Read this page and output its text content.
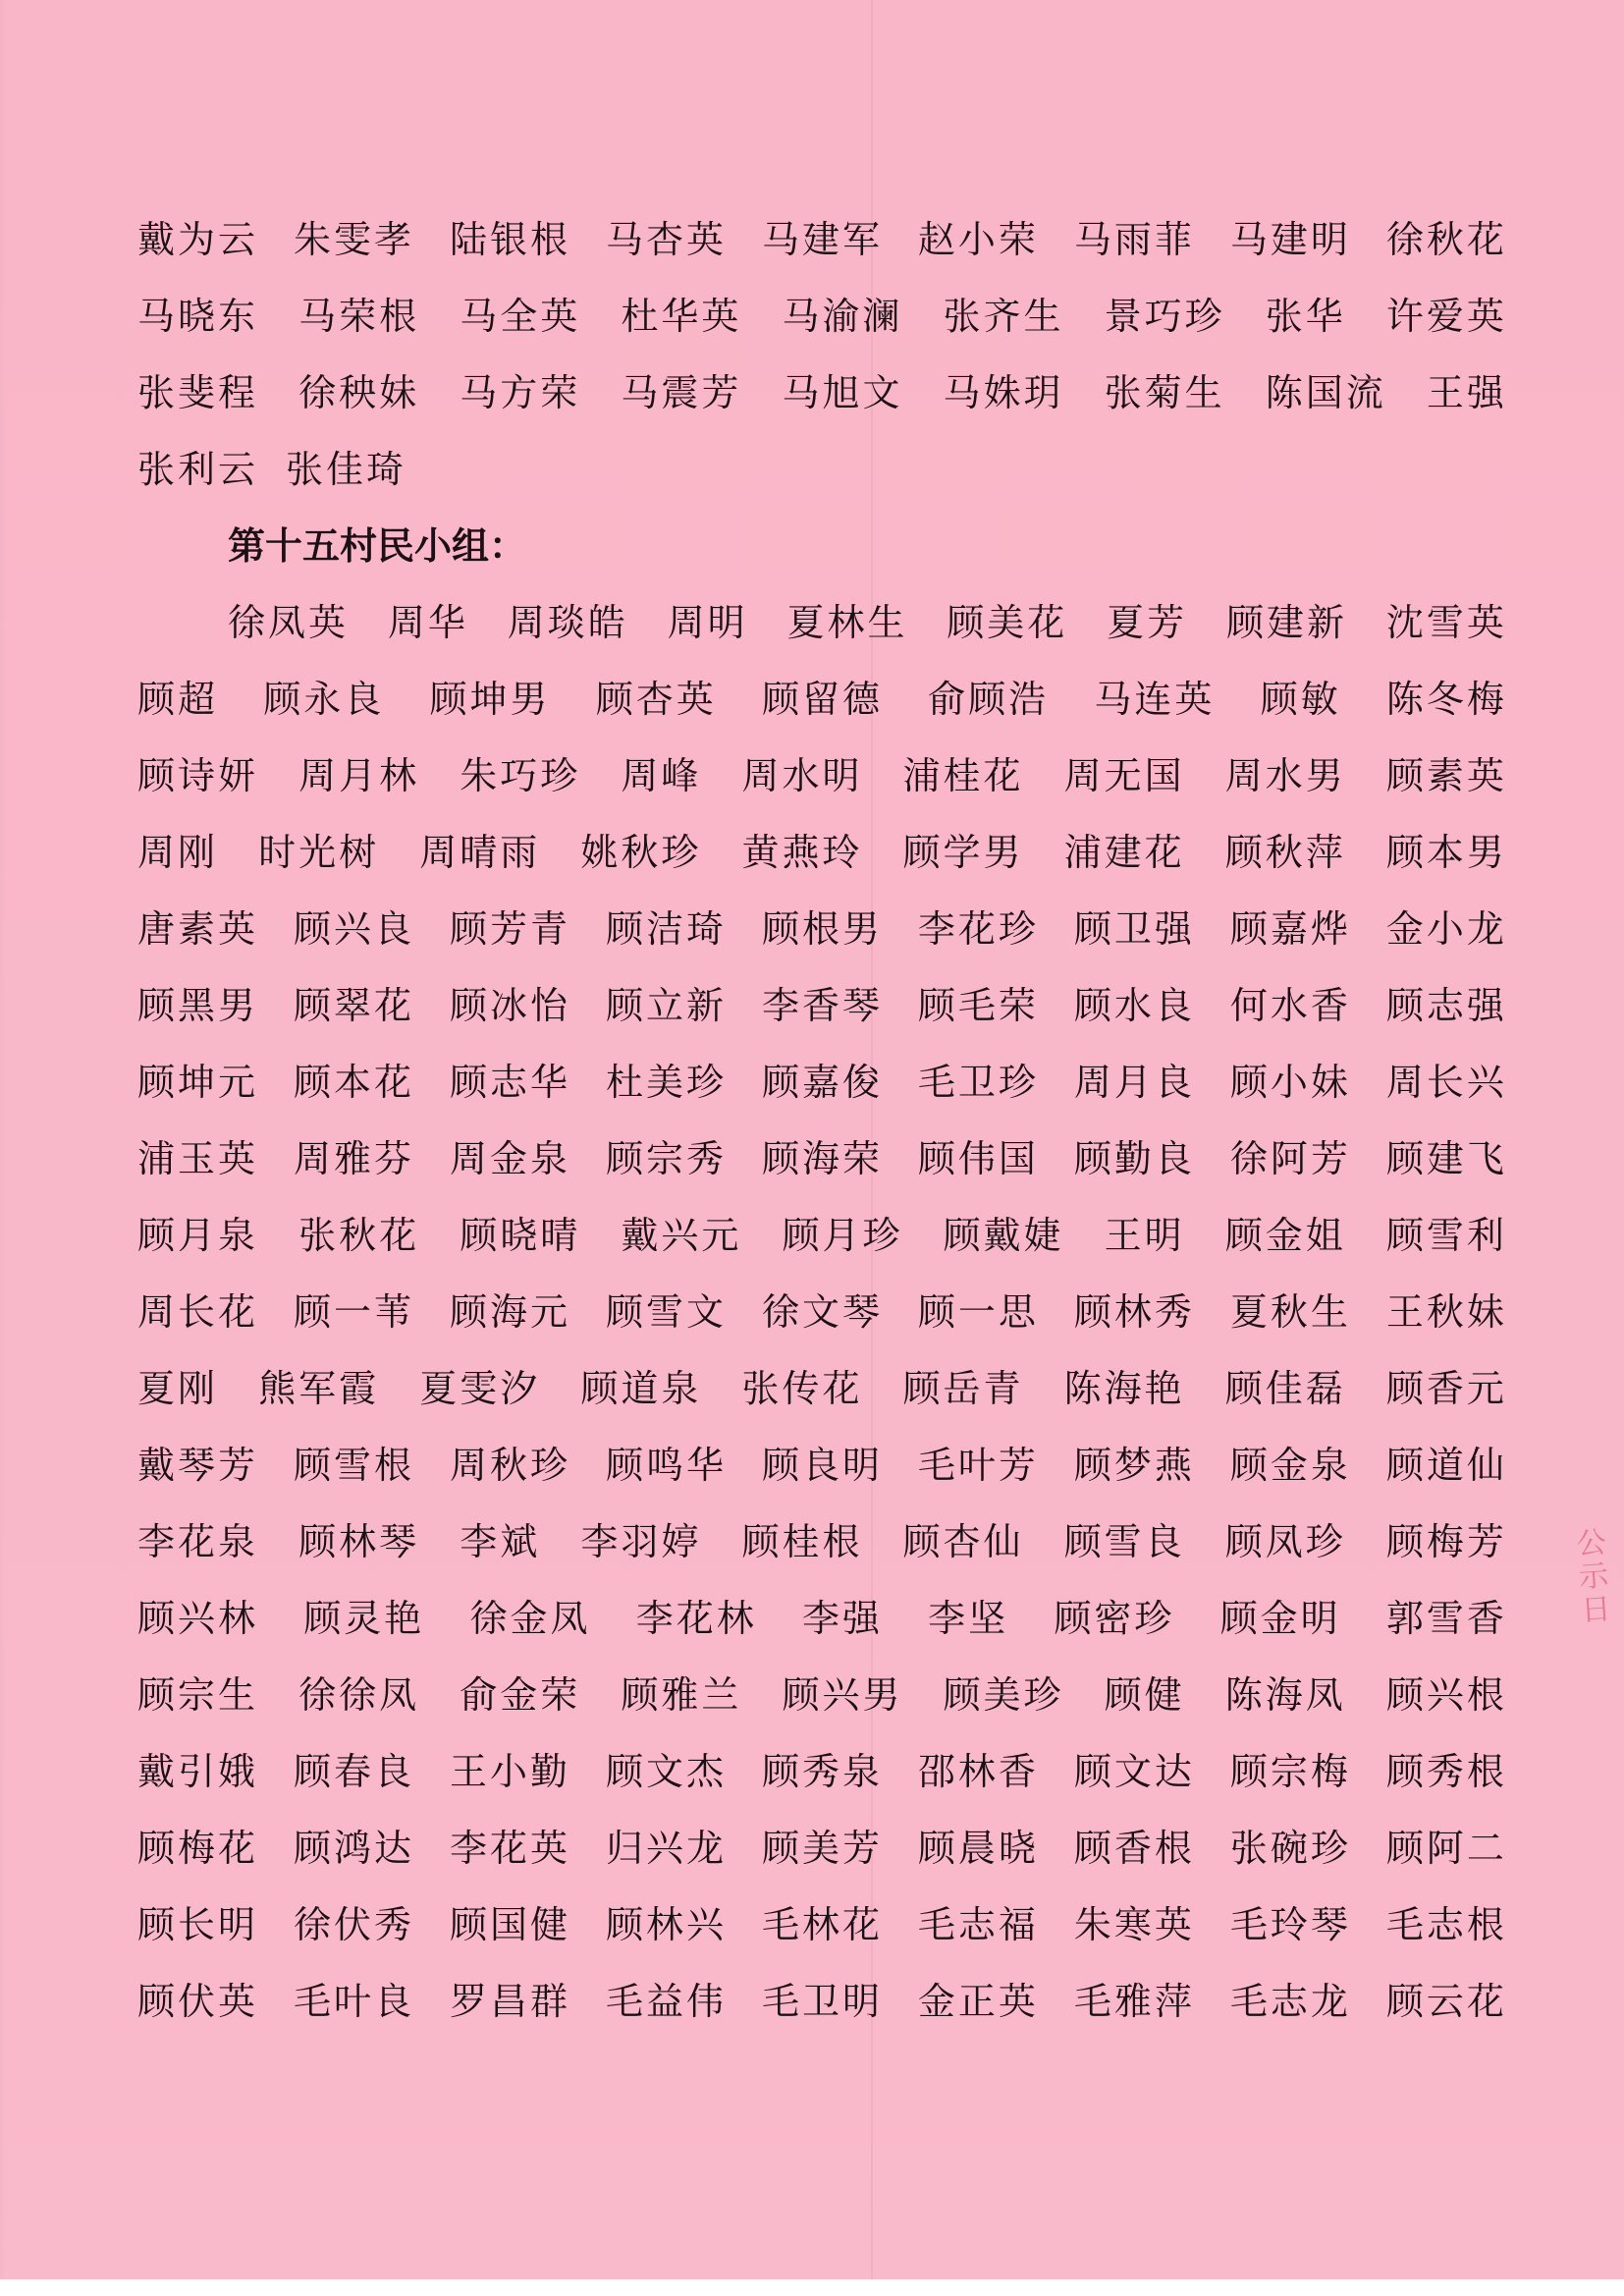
戴为云 朱雯孝 陆银根 马杏英 马建军 赵小荣 马雨菲 马建明 徐秋花
马晓东 马荣根 马全英 杜华英 马渝澜 张齐生 景巧珍 张华 许爱英
张斐程 徐秧妹 马方荣 马震芳 马旭文 马姝玥 张菊生 陈国流 王强
张利云 张佳琦
第十五村民小组：
徐凤英 周华 周琰皓 周明 夏林生 顾美花 夏芳 顾建新 沈雪英
顾超 顾永良 顾坤男 顾杏英 顾留德 俞顾浩 马连英 顾敏 陈冬梅
顾诗妍 周月林 朱巧珍 周峰 周水明 浦桂花 周无国 周水男 顾素英
周刚 时光树 周晴雨 姚秋珍 黄燕玲 顾学男 浦建花 顾秋萍 顾本男
唐素英 顾兴良 顾芳青 顾洁琦 顾根男 李花珍 顾卫强 顾嘉烨 金小龙
顾黑男 顾翠花 顾冰怡 顾立新 李香琴 顾毛荣 顾水良 何水香 顾志强
顾坤元 顾本花 顾志华 杜美珍 顾嘉俊 毛卫珍 周月良 顾小妹 周长兴
浦玉英 周雅芬 周金泉 顾宗秀 顾海荣 顾伟国 顾勤良 徐阿芳 顾建飞
顾月泉 张秋花 顾晓晴 戴兴元 顾月珍 顾戴婕 王明 顾金姐 顾雪利
周长花 顾一苇 顾海元 顾雪文 徐文琴 顾一思 顾林秀 夏秋生 王秋妹
夏刚 熊军霞 夏雯汐 顾道泉 张传花 顾岳青 陈海艳 顾佳磊 顾香元
戴琴芳 顾雪根 周秋珍 顾鸣华 顾良明 毛叶芳 顾梦燕 顾金泉 顾道仙
李花泉 顾林琴 李斌 李羽婷 顾桂根 顾杏仙 顾雪良 顾凤珍 顾梅芳
顾兴林 顾灵艳 徐金凤 李花林 李强 李坚 顾密珍 顾金明 郭雪香
顾宗生 徐徐凤 俞金荣 顾雅兰 顾兴男 顾美珍 顾健 陈海凤 顾兴根
戴引娥 顾春良 王小勤 顾文杰 顾秀泉 邵林香 顾文达 顾宗梅 顾秀根
顾梅花 顾鸿达 李花英 归兴龙 顾美芳 顾晨晓 顾香根 张碗珍 顾阿二
顾长明 徐伏秀 顾国健 顾林兴 毛林花 毛志福 朱寒英 毛玲琴 毛志根
顾伏英 毛叶良 罗昌群 毛益伟 毛卫明 金正英 毛雅萍 毛志龙 顾云花
公示日
